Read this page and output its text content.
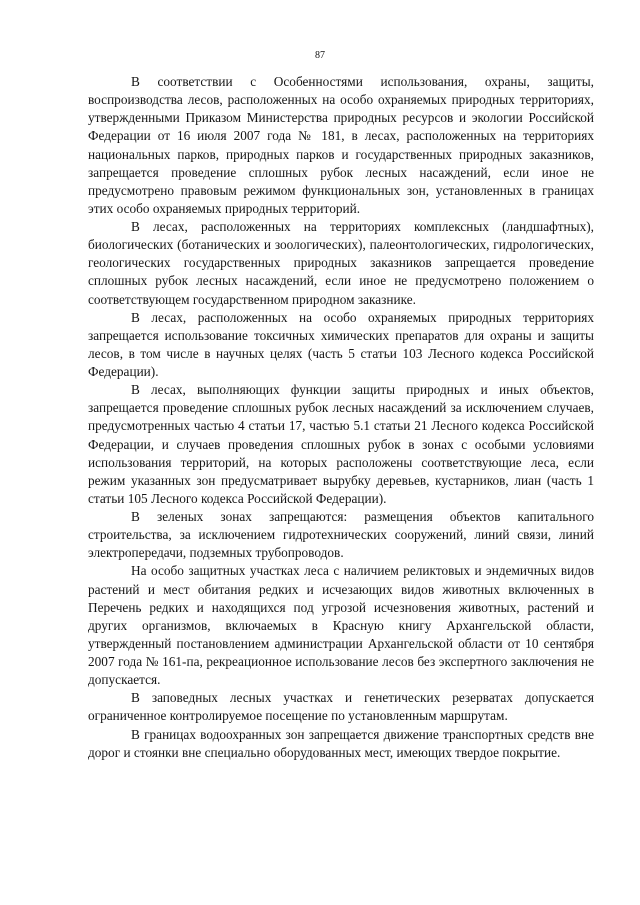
87

В соответствии с Особенностями использования, охраны, защиты, воспроизводства лесов, расположенных на особо охраняемых природных территориях, утвержденными Приказом Министерства природных ресурсов и экологии Российской Федерации от 16 июля 2007 года № 181, в лесах, расположенных на территориях национальных парков, природных парков и государственных природных заказников, запрещается проведение сплошных рубок лесных насаждений, если иное не предусмотрено правовым режимом функциональных зон, установленных в границах этих особо охраняемых природных территорий.

В лесах, расположенных на территориях комплексных (ландшафтных), биологических (ботанических и зоологических), палеонтологических, гидрологических, геологических государственных природных заказников запрещается проведение сплошных рубок лесных насаждений, если иное не предусмотрено положением о соответствующем государственном природном заказнике.

В лесах, расположенных на особо охраняемых природных территориях запрещается использование токсичных химических препаратов для охраны и защиты лесов, в том числе в научных целях (часть 5 статьи 103 Лесного кодекса Российской Федерации).

В лесах, выполняющих функции защиты природных и иных объектов, запрещается проведение сплошных рубок лесных насаждений за исключением случаев, предусмотренных частью 4 статьи 17, частью 5.1 статьи 21 Лесного кодекса Российской Федерации, и случаев проведения сплошных рубок в зонах с особыми условиями использования территорий, на которых расположены соответствующие леса, если режим указанных зон предусматривает вырубку деревьев, кустарников, лиан (часть 1 статьи 105 Лесного кодекса Российской Федерации).

В зеленых зонах запрещаются: размещения объектов капитального строительства, за исключением гидротехнических сооружений, линий связи, линий электропередачи, подземных трубопроводов.

На особо защитных участках леса с наличием реликтовых и эндемичных видов растений и мест обитания редких и исчезающих видов животных включенных в Перечень редких и находящихся под угрозой исчезновения животных, растений и других организмов, включаемых в Красную книгу Архангельской области, утвержденный постановлением администрации Архангельской области от 10 сентября 2007 года № 161-па, рекреационное использование лесов без экспертного заключения не допускается.

В заповедных лесных участках и генетических резерватах допускается ограниченное контролируемое посещение по установленным маршрутам.

В границах водоохранных зон запрещается движение транспортных средств вне дорог и стоянки вне специально оборудованных мест, имеющих твердое покрытие.
